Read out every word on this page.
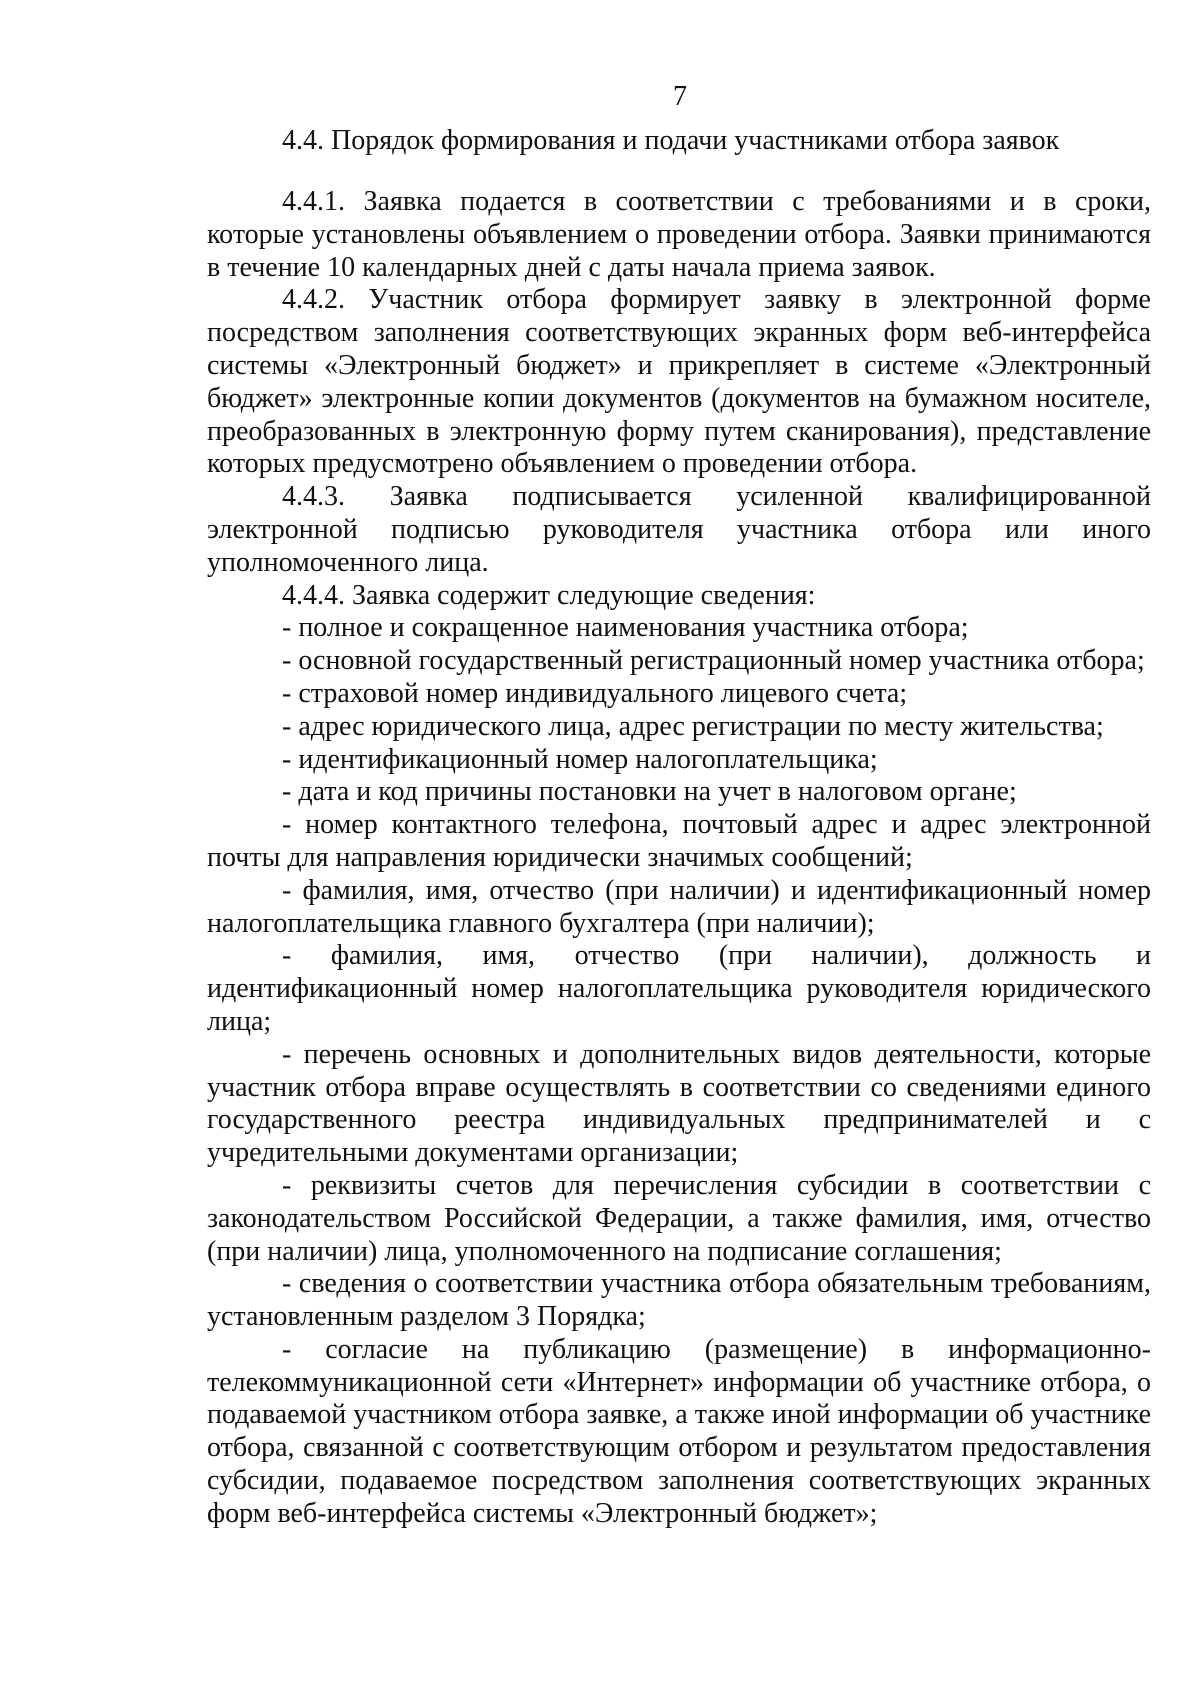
7
4.4. Порядок формирования и подачи участниками отбора заявок

4.4.1. Заявка подается в соответствии с требованиями и в сроки, которые установлены объявлением о проведении отбора. Заявки принимаются в течение 10 календарных дней с даты начала приема заявок.

4.4.2. Участник отбора формирует заявку в электронной форме посредством заполнения соответствующих экранных форм веб-интерфейса системы «Электронный бюджет» и прикрепляет в системе «Электронный бюджет» электронные копии документов (документов на бумажном носителе, преобразованных в электронную форму путем сканирования), представление которых предусмотрено объявлением о проведении отбора.

4.4.3. Заявка подписывается усиленной квалифицированной электронной подписью руководителя участника отбора или иного уполномоченного лица.

4.4.4. Заявка содержит следующие сведения:

- полное и сокращенное наименования участника отбора;

- основной государственный регистрационный номер участника отбора;

- страховой номер индивидуального лицевого счета;

- адрес юридического лица, адрес регистрации по месту жительства;

- идентификационный номер налогоплательщика;

- дата и код причины постановки на учет в налоговом органе;

- номер контактного телефона, почтовый адрес и адрес электронной почты для направления юридически значимых сообщений;

- фамилия, имя, отчество (при наличии) и идентификационный номер налогоплательщика главного бухгалтера (при наличии);

- фамилия, имя, отчество (при наличии), должность и идентификационный номер налогоплательщика руководителя юридического лица;

- перечень основных и дополнительных видов деятельности, которые участник отбора вправе осуществлять в соответствии со сведениями единого государственного реестра индивидуальных предпринимателей и с учредительными документами организации;

- реквизиты счетов для перечисления субсидии в соответствии с законодательством Российской Федерации, а также фамилия, имя, отчество (при наличии) лица, уполномоченного на подписание соглашения;

- сведения о соответствии участника отбора обязательным требованиям, установленным разделом 3 Порядка;

- согласие на публикацию (размещение) в информационно-телекоммуникационной сети «Интернет» информации об участнике отбора, о подаваемой участником отбора заявке, а также иной информации об участнике отбора, связанной с соответствующим отбором и результатом предоставления субсидии, подаваемое посредством заполнения соответствующих экранных форм веб-интерфейса системы «Электронный бюджет»;
